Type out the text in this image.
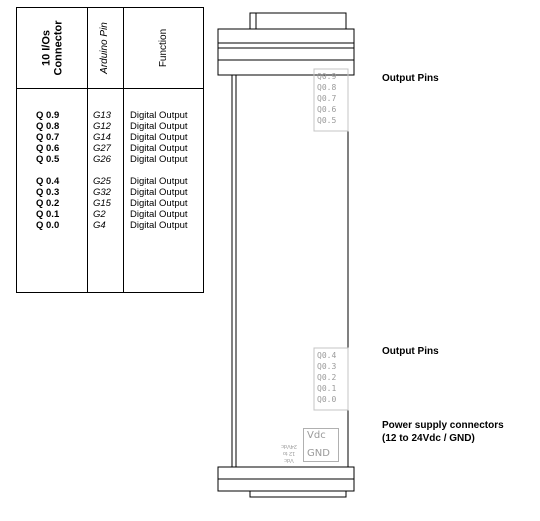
10 I/Os Connector	Arduino Pin	Function
Q 0.9
Q 0.8
Q 0.7
Q 0.6
Q 0.5
Q 0.4
Q 0.3
Q 0.2
Q 0.1
Q 0.0
G13
G12
G14
G27
G26
G25
G32
G15
G2
G4
Digital Output
Digital Output
Digital Output
Digital Output
Digital Output
Digital Output
Digital Output
Digital Output
Digital Output
Digital Output
Q0.9
Q0.8
Q0.7
Q0.6
Q0.5
Q0.4
Q0.3
Q0.2
Q0.1
Q0.0
Vdc
GND
Vdc
12 to 24Vdc
Output Pins
Output Pins
Power supply connectors
(12 to 24Vdc / GND)
